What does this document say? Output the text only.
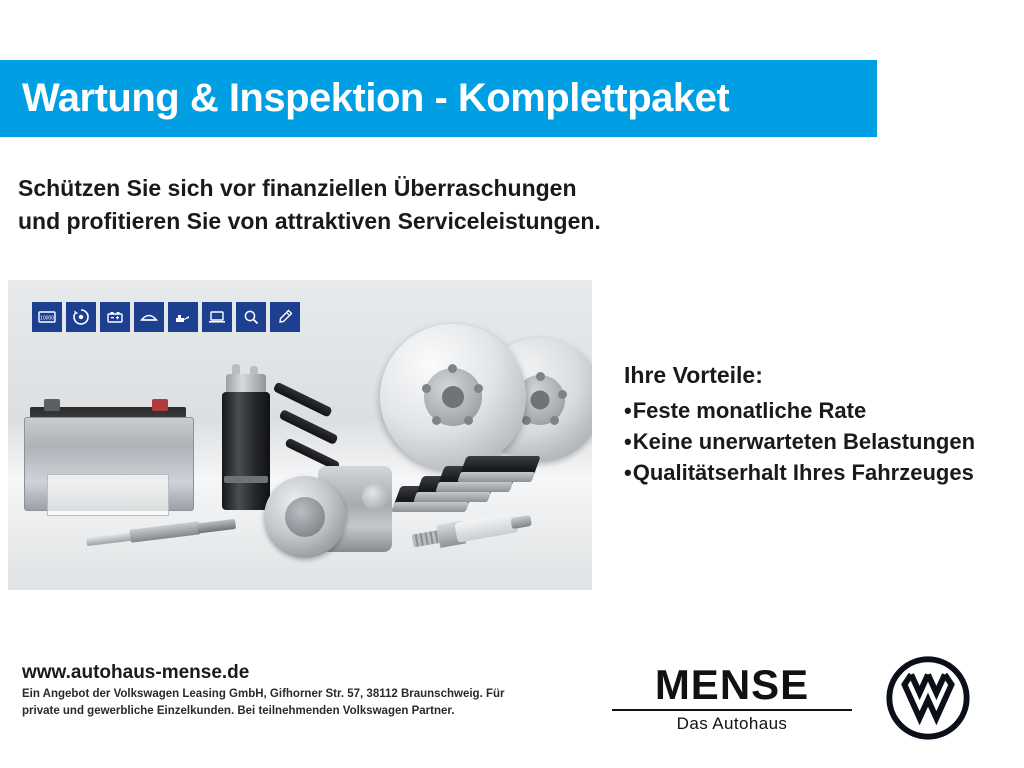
Wartung & Inspektion - Komplettpaket
Schützen Sie sich vor finanziellen Überraschungen
und profitieren Sie von attraktiven Serviceleistungen.
10000
Ihre Vorteile:
•Feste monatliche Rate
•Keine unerwarteten Belastungen
•Qualitätserhalt Ihres Fahrzeuges
www.autohaus-mense.de
Ein Angebot der Volkswagen Leasing GmbH, Gifhorner Str. 57, 38112 Braunschweig. Für
private und gewerbliche Einzelkunden. Bei teilnehmenden Volkswagen Partner.
MENSE
Das Autohaus
